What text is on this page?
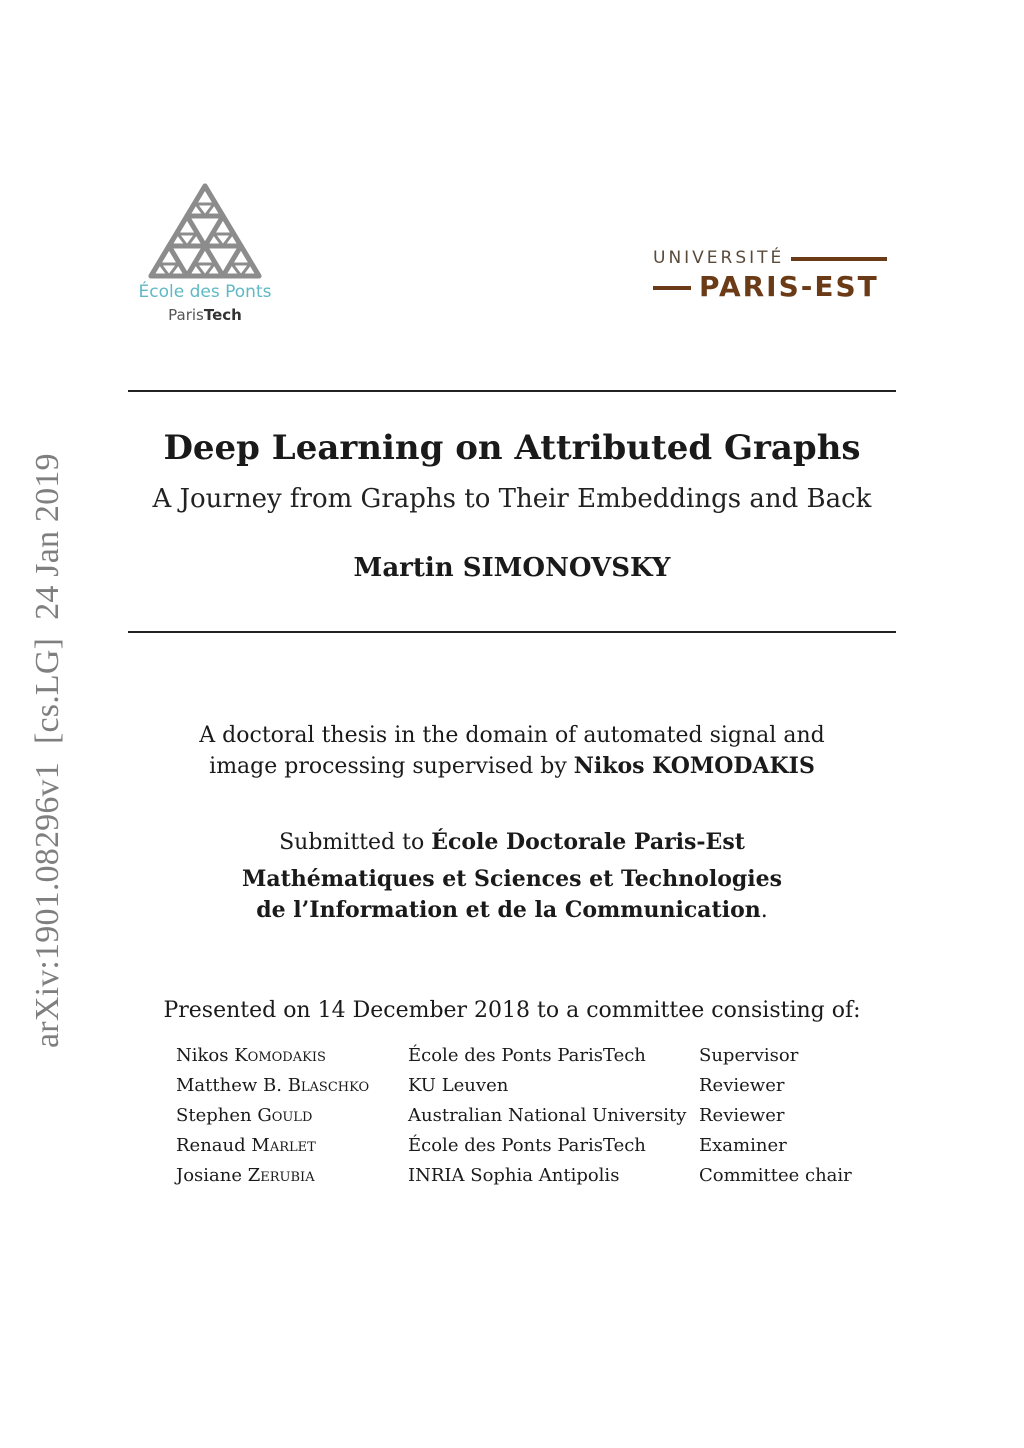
arXiv:1901.08296v1[cs.LG]24 Jan 2019
École des Ponts
ParisTech
UNIVERSITÉ
PARIS-EST
Deep Learning on Attributed Graphs
A Journey from Graphs to Their Embeddings and Back
Martin SIMONOVSKY
A doctoral thesis in the domain of automated signal and
image processing supervised by Nikos KOMODAKIS
Submitted to École Doctorale Paris-Est
Mathématiques et Sciences et Technologies
de l’Information et de la Communication.
Presented on 14 December 2018 to a committee consisting of:
Nikos Komodakis	École des Ponts ParisTech	Supervisor
Matthew B. Blaschko	KU Leuven	Reviewer
Stephen Gould	Australian National University	Reviewer
Renaud Marlet	École des Ponts ParisTech	Examiner
Josiane Zerubia	INRIA Sophia Antipolis	Committee chair
